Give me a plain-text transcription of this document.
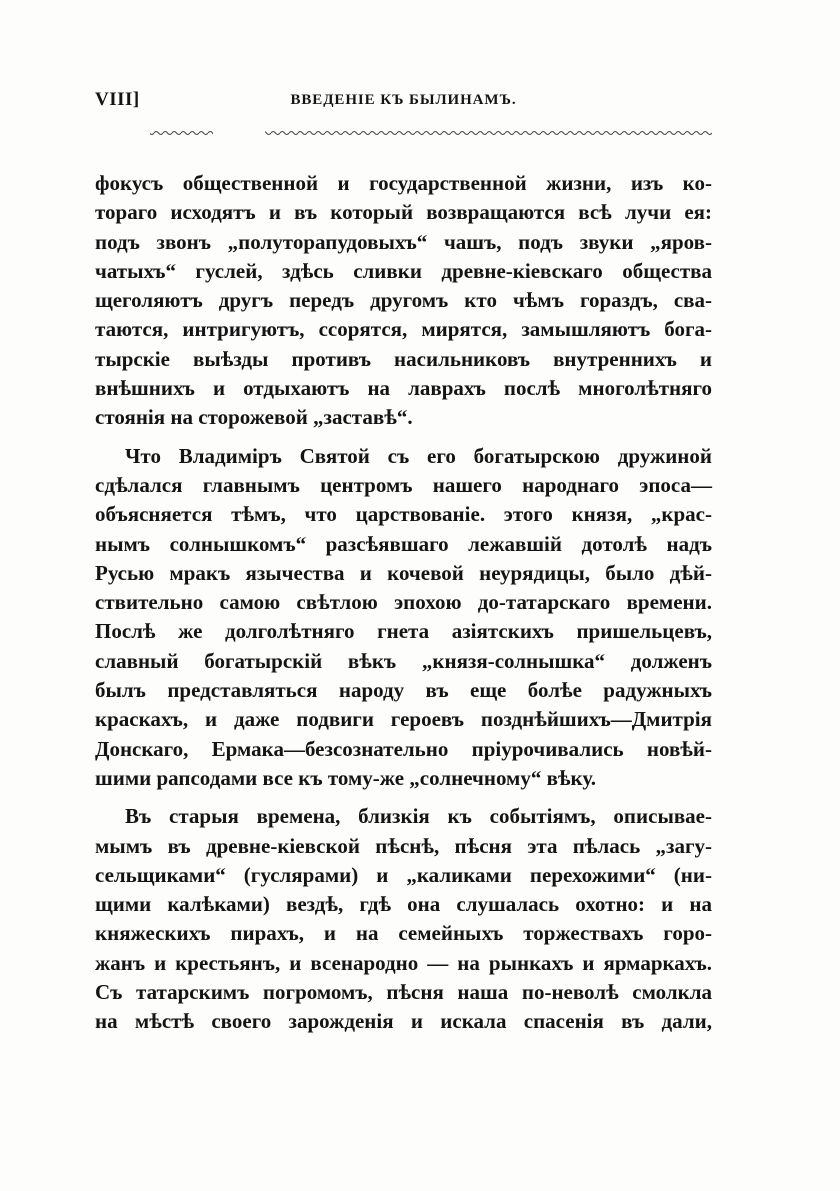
VIII]	ВВЕДЕНІЕ КЪ БЫЛИНАМЪ.
фокусъ общественной и государственной жизни, изъ ко-
тораго исходятъ и въ который возвращаются всѣ лучи ея:
подъ звонъ „полуторапудовыхъ“ чашъ, подъ звуки „яров-
чатыхъ“ гуслей, здѣсь сливки древне-кіевскаго общества
щеголяютъ другъ передъ другомъ кто чѣмъ гораздъ, сва-
таются, интригуютъ, ссорятся, мирятся, замышляютъ бога-
тырскіе выѣзды противъ насильниковъ внутреннихъ и
внѣшнихъ и отдыхаютъ на лаврахъ послѣ многолѣтняго
стоянія на сторожевой „заставѣ“.
Что Владиміръ Святой съ его богатырскою дружиной
сдѣлался главнымъ центромъ нашего народнаго эпоса—
объясняется тѣмъ, что царствованіе. этого князя, „крас-
нымъ солнышкомъ“ разсѣявшаго лежавшій дотолѣ надъ
Русью мракъ язычества и кочевой неурядицы, было дѣй-
ствительно самою свѣтлою эпохою до-татарскаго времени.
Послѣ же долголѣтняго гнета азіятскихъ пришельцевъ,
славный богатырскій вѣкъ „князя-солнышка“ долженъ
былъ представляться народу въ еще болѣе радужныхъ
краскахъ, и даже подвиги героевъ позднѣйшихъ—Дмитрія
Донскаго, Ермака—безсознательно пріурочивались новѣй-
шими рапсодами все къ тому-же „солнечному“ вѣку.
Въ старыя времена, близкія къ событіямъ, описывае-
мымъ въ древне-кіевской пѣснѣ, пѣсня эта пѣлась „загу-
сельщиками“ (гуслярами) и „каликами перехожими“ (ни-
щими калѣками) вездѣ, гдѣ она слушалась охотно: и на
княжескихъ пирахъ, и на семейныхъ торжествахъ горо-
жанъ и крестьянъ, и всенародно — на рынкахъ и ярмаркахъ.
Съ татарскимъ погромомъ, пѣсня наша по-неволѣ смолкла
на мѣстѣ своего зарожденія и искала спасенія въ дали,
